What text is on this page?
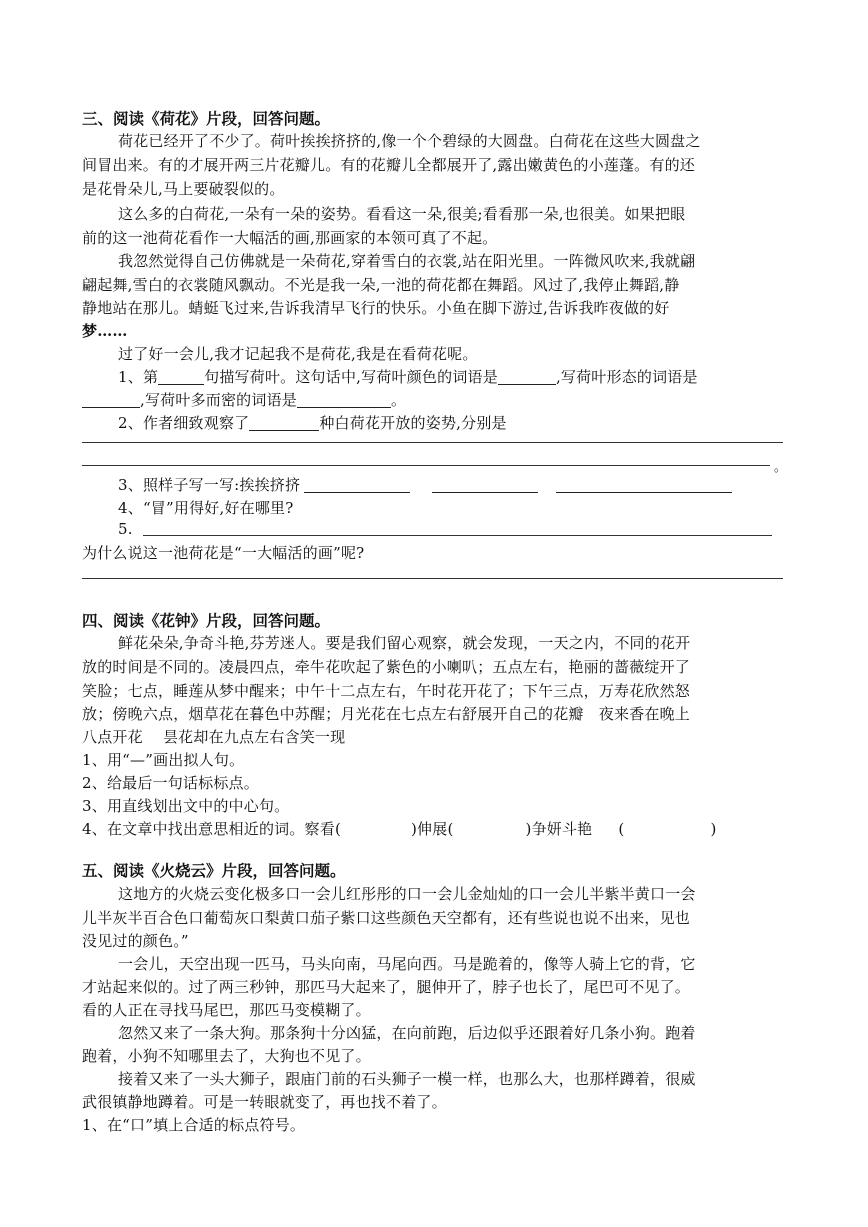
三、阅读《荷花》片段，回答问题。
荷花已经开了不少了。荷叶挨挨挤挤的,像一个个碧绿的大圆盘。白荷花在这些大圆盘之
间冒出来。有的才展开两三片花瓣儿。有的花瓣儿全都展开了,露出嫩黄色的小莲蓬。有的还
是花骨朵儿,马上要破裂似的。
这么多的白荷花,一朵有一朵的姿势。看看这一朵,很美;看看那一朵,也很美。如果把眼
前的这一池荷花看作一大幅活的画,那画家的本领可真了不起。
我忽然觉得自己仿佛就是一朵荷花,穿着雪白的衣裳,站在阳光里。一阵微风吹来,我就翩
翩起舞,雪白的衣裳随风飘动。不光是我一朵,一池的荷花都在舞蹈。风过了,我停止舞蹈,静
静地站在那儿。蜻蜓飞过来,告诉我清早飞行的快乐。小鱼在脚下游过,告诉我昨夜做的好
梦……
过了好一会儿,我才记起我不是荷花,我是在看荷花呢。
1、第	句描写荷叶。这句话中,写荷叶颜色的词语是	,写荷叶形态的词语是
,写荷叶多而密的词语是	。
2、作者细致观察了	种白荷花开放的姿势,分别是
。
3、照样子写一写:挨挨挤挤
4、“冒”用得好,好在哪里?
5.
为什么说这一池荷花是“一大幅活的画”呢?
四、阅读《花钟》片段，回答问题。
鲜花朵朵,争奇斗艳,芬芳迷人。要是我们留心观察，就会发现，一天之内，不同的花开
放的时间是不同的。凌晨四点，牵牛花吹起了紫色的小喇叭；五点左右，艳丽的蔷薇绽开了
笑脸；七点，睡莲从梦中醒来；中午十二点左右，午时花开花了；下午三点，万寿花欣然怒
放；傍晚六点，烟草花在暮色中苏醒；月光花在七点左右舒展开自己的花瓣　夜来香在晚上
八点开花　 昙花却在九点左右含笑一现
1、用“—”画出拟人句。
2、给最后一句话标标点。
3、用直线划出文中的中心句。
4、在文章中找出意思相近的词。察看(	)伸展(	)争妍斗艳 (	)
五、阅读《火烧云》片段，回答问题。
这地方的火烧云变化极多口一会儿红彤彤的口一会儿金灿灿的口一会儿半紫半黄口一会
儿半灰半百合色口葡萄灰口梨黄口茄子紫口这些颜色天空都有，还有些说也说不出来，见也
没见过的颜色。”
一会儿，天空出现一匹马，马头向南，马尾向西。马是跪着的，像等人骑上它的背，它
才站起来似的。过了两三秒钟，那匹马大起来了，腿伸开了，脖子也长了，尾巴可不见了。
看的人正在寻找马尾巴，那匹马变模糊了。
忽然又来了一条大狗。那条狗十分凶猛，在向前跑，后边似乎还跟着好几条小狗。跑着
跑着，小狗不知哪里去了，大狗也不见了。
接着又来了一头大狮子，跟庙门前的石头狮子一模一样，也那么大，也那样蹲着，很威
武很镇静地蹲着。可是一转眼就变了，再也找不着了。
1、在“口”填上合适的标点符号。
